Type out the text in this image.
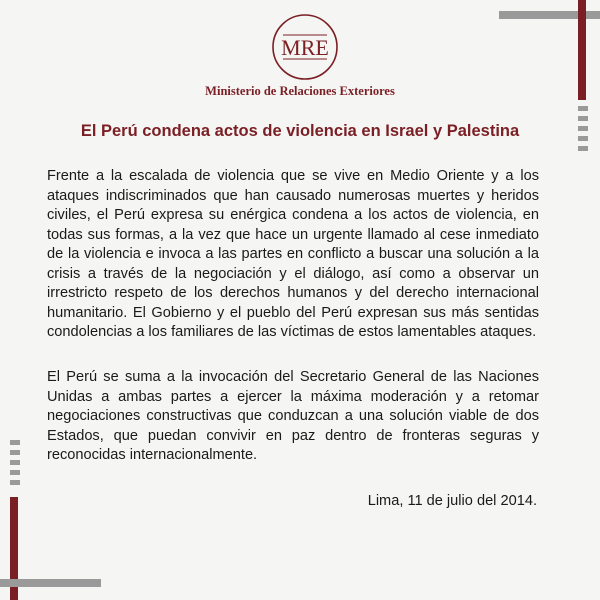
MRE
Ministerio de Relaciones Exteriores
El Perú condena actos de violencia en Israel y Palestina

Frente a la escalada de violencia que se vive en Medio Oriente y a los ataques indiscriminados que han causado numerosas muertes y heridos civiles, el Perú expresa su enérgica condena a los actos de violencia, en todas sus formas, a la vez que hace un urgente llamado al cese inmediato de la violencia e invoca a las partes en conflicto a buscar una solución a la crisis a través de la negociación y el diálogo, así como a observar un irrestricto respeto de los derechos humanos y del derecho internacional humanitario. El Gobierno y el pueblo del Perú expresan sus más sentidas condolencias a los familiares de las víctimas de estos lamentables ataques.

El Perú se suma a la invocación del Secretario General de las Naciones Unidas a ambas partes a ejercer la máxima moderación y a retomar negociaciones constructivas que conduzcan a una solución viable de dos Estados, que puedan convivir en paz dentro de fronteras seguras y reconocidas internacionalmente.

Lima, 11 de julio del 2014.
